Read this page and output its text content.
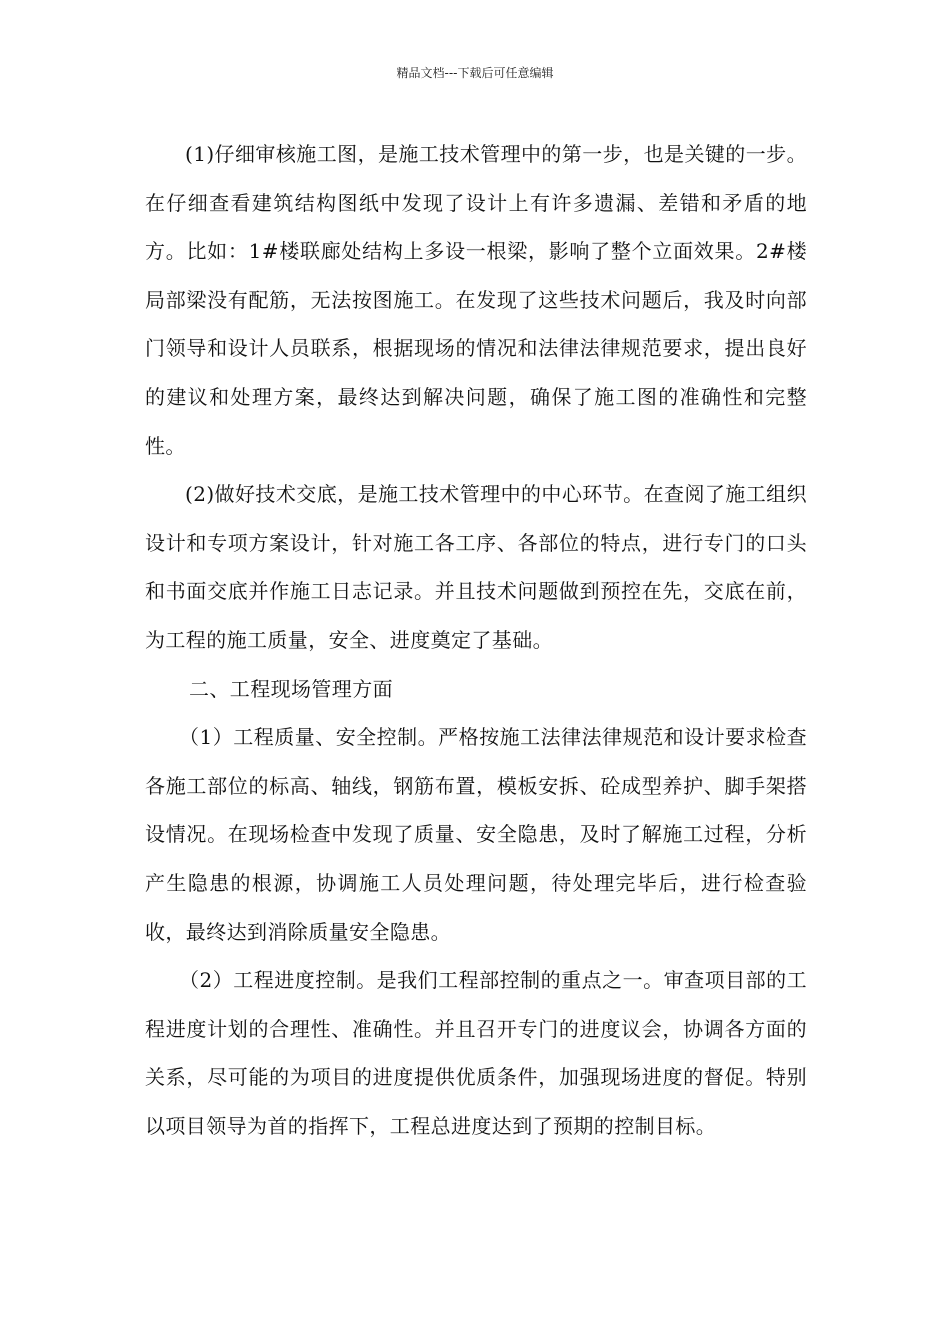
精品文档---下载后可任意编辑

(1)仔细审核施工图，是施工技术管理中的第一步，也是关键的一步。在仔细查看建筑结构图纸中发现了设计上有许多遗漏、差错和矛盾的地方。比如：1#楼联廊处结构上多设一根梁，影响了整个立面效果。2#楼局部梁没有配筋，无法按图施工。在发现了这些技术问题后，我及时向部门领导和设计人员联系，根据现场的情况和法律法律规范要求，提出良好的建议和处理方案，最终达到解决问题，确保了施工图的准确性和完整性。

(2)做好技术交底，是施工技术管理中的中心环节。在查阅了施工组织设计和专项方案设计，针对施工各工序、各部位的特点，进行专门的口头和书面交底并作施工日志记录。并且技术问题做到预控在先，交底在前，为工程的施工质量，安全、进度奠定了基础。

二、工程现场管理方面

（1）工程质量、安全控制。严格按施工法律法律规范和设计要求检查各施工部位的标高、轴线，钢筋布置，模板安拆、砼成型养护、脚手架搭设情况。在现场检查中发现了质量、安全隐患，及时了解施工过程，分析产生隐患的根源，协调施工人员处理问题，待处理完毕后，进行检查验收，最终达到消除质量安全隐患。

（2）工程进度控制。是我们工程部控制的重点之一。审查项目部的工程进度计划的合理性、准确性。并且召开专门的进度议会，协调各方面的关系，尽可能的为项目的进度提供优质条件，加强现场进度的督促。特别以项目领导为首的指挥下，工程总进度达到了预期的控制目标。
